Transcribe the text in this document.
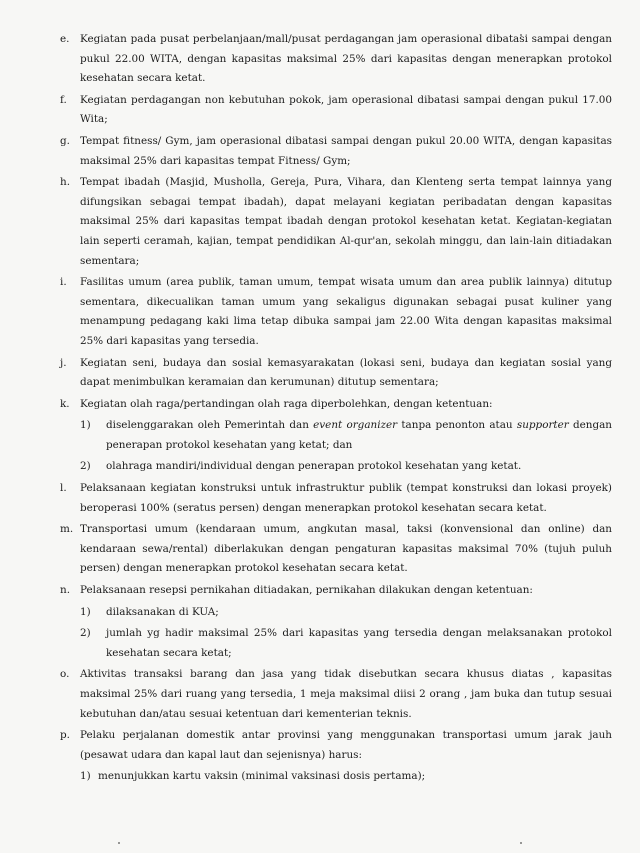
e. Kegiatan pada pusat perbelanjaan/mall/pusat perdagangan jam operasional dibatasi sampai dengan pukul 22.00 WITA, dengan kapasitas maksimal 25% dari kapasitas dengan menerapkan protokol kesehatan secara ketat.
f. Kegiatan perdagangan non kebutuhan pokok, jam operasional dibatasi sampai dengan pukul 17.00 Wita;
g. Tempat fitness/ Gym, jam operasional dibatasi sampai dengan pukul 20.00 WITA, dengan kapasitas maksimal 25% dari kapasitas tempat Fitness/ Gym;
h. Tempat ibadah (Masjid, Musholla, Gereja, Pura, Vihara, dan Klenteng serta tempat lainnya yang difungsikan sebagai tempat ibadah), dapat melayani kegiatan peribadatan dengan kapasitas maksimal 25% dari kapasitas tempat ibadah dengan protokol kesehatan ketat. Kegiatan-kegiatan lain seperti ceramah, kajian, tempat pendidikan Al-qur'an, sekolah minggu, dan lain-lain ditiadakan sementara;
i. Fasilitas umum (area publik, taman umum, tempat wisata umum dan area publik lainnya) ditutup sementara, dikecualikan taman umum yang sekaligus digunakan sebagai pusat kuliner yang menampung pedagang kaki lima tetap dibuka sampai jam 22.00 Wita dengan kapasitas maksimal 25% dari kapasitas yang tersedia.
j. Kegiatan seni, budaya dan sosial kemasyarakatan (lokasi seni, budaya dan kegiatan sosial yang dapat menimbulkan keramaian dan kerumunan) ditutup sementara;
k. Kegiatan olah raga/pertandingan olah raga diperbolehkan, dengan ketentuan:
1) diselenggarakan oleh Pemerintah dan event organizer tanpa penonton atau supporter dengan penerapan protokol kesehatan yang ketat; dan
2) olahraga mandiri/individual dengan penerapan protokol kesehatan yang ketat.
l. Pelaksanaan kegiatan konstruksi untuk infrastruktur publik (tempat konstruksi dan lokasi proyek) beroperasi 100% (seratus persen) dengan menerapkan protokol kesehatan secara ketat.
m. Transportasi umum (kendaraan umum, angkutan masal, taksi (konvensional dan online) dan kendaraan sewa/rental) diberlakukan dengan pengaturan kapasitas maksimal 70% (tujuh puluh persen) dengan menerapkan protokol kesehatan secara ketat.
n. Pelaksanaan resepsi pernikahan ditiadakan, pernikahan dilakukan dengan ketentuan:
1) dilaksanakan di KUA;
2) jumlah yg hadir maksimal 25% dari kapasitas yang tersedia dengan melaksanakan protokol kesehatan secara ketat;
o. Aktivitas transaksi barang dan jasa yang tidak disebutkan secara khusus diatas , kapasitas maksimal 25% dari ruang yang tersedia, 1 meja maksimal diisi 2 orang , jam buka dan tutup sesuai kebutuhan dan/atau sesuai ketentuan dari kementerian teknis.
p. Pelaku perjalanan domestik antar provinsi yang menggunakan transportasi umum jarak jauh (pesawat udara dan kapal laut dan sejenisnya) harus:
1) menunjukkan kartu vaksin (minimal vaksinasi dosis pertama);
